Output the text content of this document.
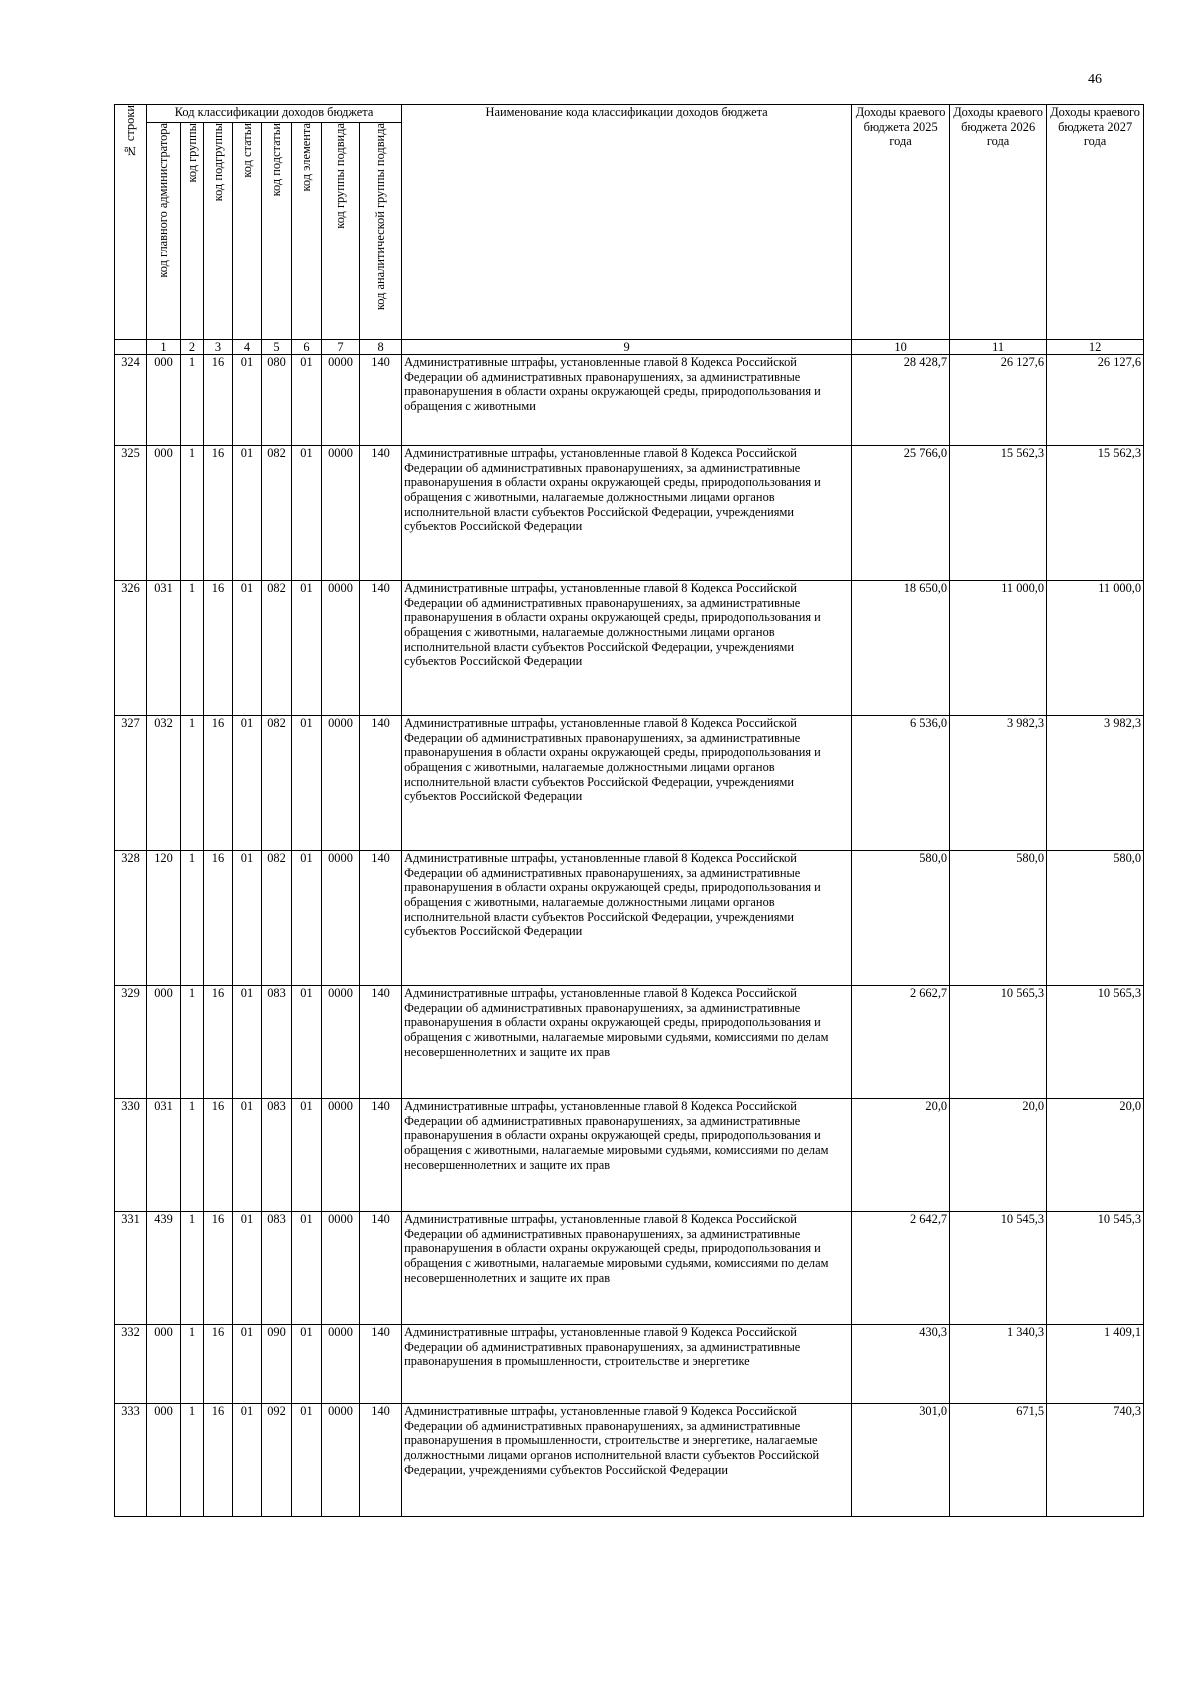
46
№ строки	Код классификации доходов бюджета								Наименование кода классификации доходов бюджета	Доходы краевого бюджета 2025 года	Доходы краевого бюджета 2026 года	Доходы краевого бюджета 2027 года
	код главного администратора	код группы	код подгруппы	код статьи	код подстатьи	код элемента	код группы подвида	код аналитической группы подвида				
	1	2	3	4	5	6	7	8	9	10	11	12
324	000	1	16	01	080	01	0000	140	Административные штрафы, установленные главой 8 Кодекса Российской Федерации об административных правонарушениях, за административные правонарушения в области охраны окружающей среды, природопользования и обращения с животными	28 428,7	26 127,6	26 127,6
325	000	1	16	01	082	01	0000	140	Административные штрафы, установленные главой 8 Кодекса Российской Федерации об административных правонарушениях, за административные правонарушения в области охраны окружающей среды, природопользования и обращения с животными, налагаемые должностными лицами органов исполнительной власти субъектов Российской Федерации, учреждениями субъектов Российской Федерации	25 766,0	15 562,3	15 562,3
326	031	1	16	01	082	01	0000	140	Административные штрафы, установленные главой 8 Кодекса Российской Федерации об административных правонарушениях, за административные правонарушения в области охраны окружающей среды, природопользования и обращения с животными, налагаемые должностными лицами органов исполнительной власти субъектов Российской Федерации, учреждениями субъектов Российской Федерации	18 650,0	11 000,0	11 000,0
327	032	1	16	01	082	01	0000	140	Административные штрафы, установленные главой 8 Кодекса Российской Федерации об административных правонарушениях, за административные правонарушения в области охраны окружающей среды, природопользования и обращения с животными, налагаемые должностными лицами органов исполнительной власти субъектов Российской Федерации, учреждениями субъектов Российской Федерации	6 536,0	3 982,3	3 982,3
328	120	1	16	01	082	01	0000	140	Административные штрафы, установленные главой 8 Кодекса Российской Федерации об административных правонарушениях, за административные правонарушения в области охраны окружающей среды, природопользования и обращения с животными, налагаемые должностными лицами органов исполнительной власти субъектов Российской Федерации, учреждениями субъектов Российской Федерации	580,0	580,0	580,0
329	000	1	16	01	083	01	0000	140	Административные штрафы, установленные главой 8 Кодекса Российской Федерации об административных правонарушениях, за административные правонарушения в области охраны окружающей среды, природопользования и обращения с животными, налагаемые мировыми судьями, комиссиями по делам несовершеннолетних и защите их прав	2 662,7	10 565,3	10 565,3
330	031	1	16	01	083	01	0000	140	Административные штрафы, установленные главой 8 Кодекса Российской Федерации об административных правонарушениях, за административные правонарушения в области охраны окружающей среды, природопользования и обращения с животными, налагаемые мировыми судьями, комиссиями по делам несовершеннолетних и защите их прав	20,0	20,0	20,0
331	439	1	16	01	083	01	0000	140	Административные штрафы, установленные главой 8 Кодекса Российской Федерации об административных правонарушениях, за административные правонарушения в области охраны окружающей среды, природопользования и обращения с животными, налагаемые мировыми судьями, комиссиями по делам несовершеннолетних и защите их прав	2 642,7	10 545,3	10 545,3
332	000	1	16	01	090	01	0000	140	Административные штрафы, установленные главой 9 Кодекса Российской Федерации об административных правонарушениях, за административные правонарушения в промышленности, строительстве и энергетике	430,3	1 340,3	1 409,1
333	000	1	16	01	092	01	0000	140	Административные штрафы, установленные главой 9 Кодекса Российской Федерации об административных правонарушениях, за административные правонарушения в промышленности, строительстве и энергетике, налагаемые должностными лицами органов исполнительной власти субъектов Российской Федерации, учреждениями субъектов Российской Федерации	301,0	671,5	740,3
